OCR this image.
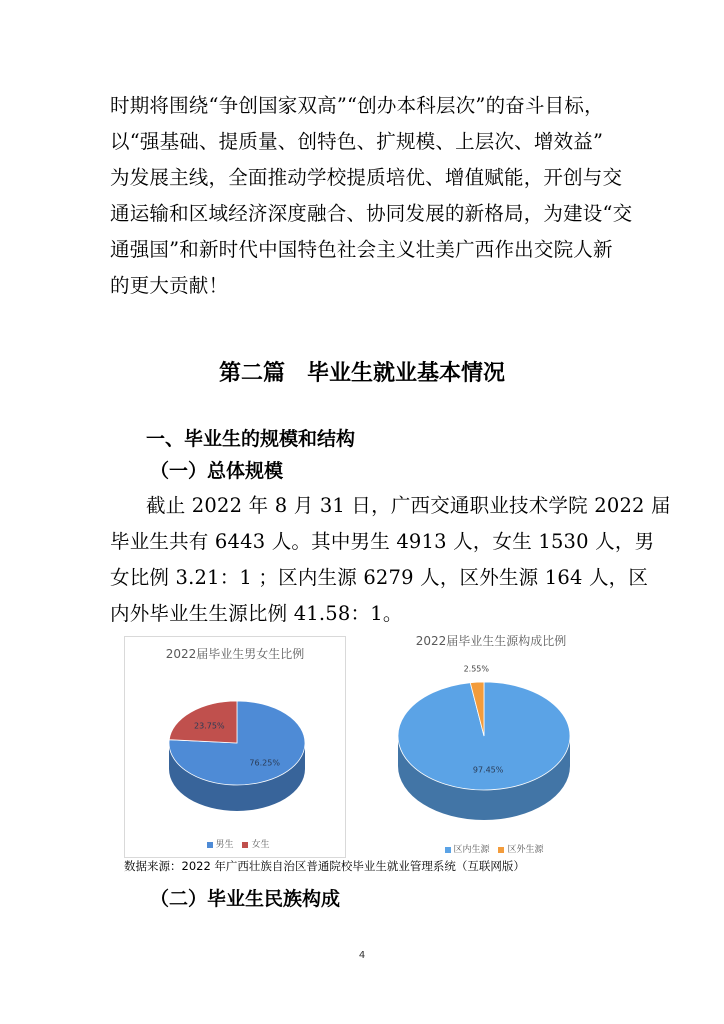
时期将围绕“争创国家双高”“创办本科层次”的奋斗目标，
以“强基础、提质量、创特色、扩规模、上层次、增效益”
为发展主线，全面推动学校提质培优、增值赋能，开创与交
通运输和区域经济深度融合、协同发展的新格局，为建设“交
通强国”和新时代中国特色社会主义壮美广西作出交院人新
的更大贡献！
第二篇　毕业生就业基本情况
一、毕业生的规模和结构
（一）总体规模
截止 2022 年 8 月 31 日，广西交通职业技术学院 2022 届
毕业生共有 6443 人。其中男生 4913 人，女生 1530 人，男
女比例 3.21：1 ；区内生源 6279 人，区外生源 164 人，区
内外毕业生生源比例 41.58：1。
2022届毕业生男女生比例
76.25%
23.75%
男生 女生
2022届毕业生生源构成比例
97.45%
2.55%
区内生源 区外生源
数据来源：2022 年广西壮族自治区普通院校毕业生就业管理系统（互联网版）
（二）毕业生民族构成
4
